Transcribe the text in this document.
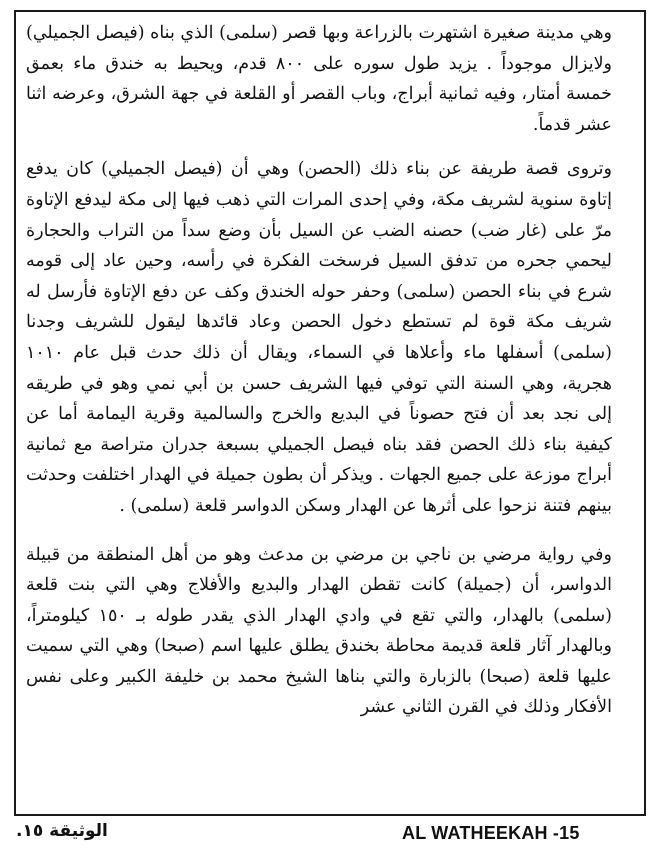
وهي مدينة صغيرة اشتهرت بالزراعة وبها قصر (سلمى) الذي بناه (فيصل الجميلي) ولايزال موجوداً . يزيد طول سوره على ٨٠٠ قدم، ويحيط به خندق ماء بعمق خمسة أمتار، وفيه ثمانية أبراج، وباب القصر أو القلعة في جهة الشرق، وعرضه اثنا عشر قدماً.

وتروى قصة طريفة عن بناء ذلك (الحصن) وهي أن (فيصل الجميلي) كان يدفع إتاوة سنوية لشريف مكة، وفي إحدى المرات التي ذهب فيها إلى مكة ليدفع الإتاوة مرّ على (غار ضب) حصنه الضب عن السيل بأن وضع سداً من التراب والحجارة ليحمي جحره من تدفق السيل فرسخت الفكرة في رأسه، وحين عاد إلى قومه شرع في بناء الحصن (سلمى) وحفر حوله الخندق وكف عن دفع الإتاوة فأرسل له شريف مكة قوة لم تستطع دخول الحصن وعاد قائدها ليقول للشريف وجدنا (سلمى) أسفلها ماء وأعلاها في السماء، ويقال أن ذلك حدث قبل عام ١٠١٠ هجرية، وهي السنة التي توفي فيها الشريف حسن بن أبي نمي وهو في طريقه إلى نجد بعد أن فتح حصوناً في البديع والخرج والسالمية وقرية اليمامة أما عن كيفية بناء ذلك الحصن فقد بناه فيصل الجميلي بسبعة جدران متراصة مع ثمانية أبراج موزعة على جميع الجهات . ويذكر أن بطون جميلة في الهدار اختلفت وحدثت بينهم فتنة نزحوا على أثرها عن الهدار وسكن الدواسر قلعة (سلمى) .

وفي رواية مرضي بن ناجي بن مرضي بن مدعث وهو من أهل المنطقة من قبيلة الدواسر، أن (جميلة) كانت تقطن الهدار والبديع والأفلاج وهي التي بنت قلعة (سلمى) بالهدار، والتي تقع في وادي الهدار الذي يقدر طوله بـ ١٥٠ كيلومتراً، وبالهدار آثار قلعة قديمة محاطة بخندق يطلق عليها اسم (صبحا) وهي التي سميت عليها قلعة (صبحا) بالزبارة والتي بناها الشيخ محمد بن خليفة الكبير وعلى نفس الأفكار وذلك في القرن الثاني عشر

AL WATHEEKAH -15
الوثيقة ١٥.
